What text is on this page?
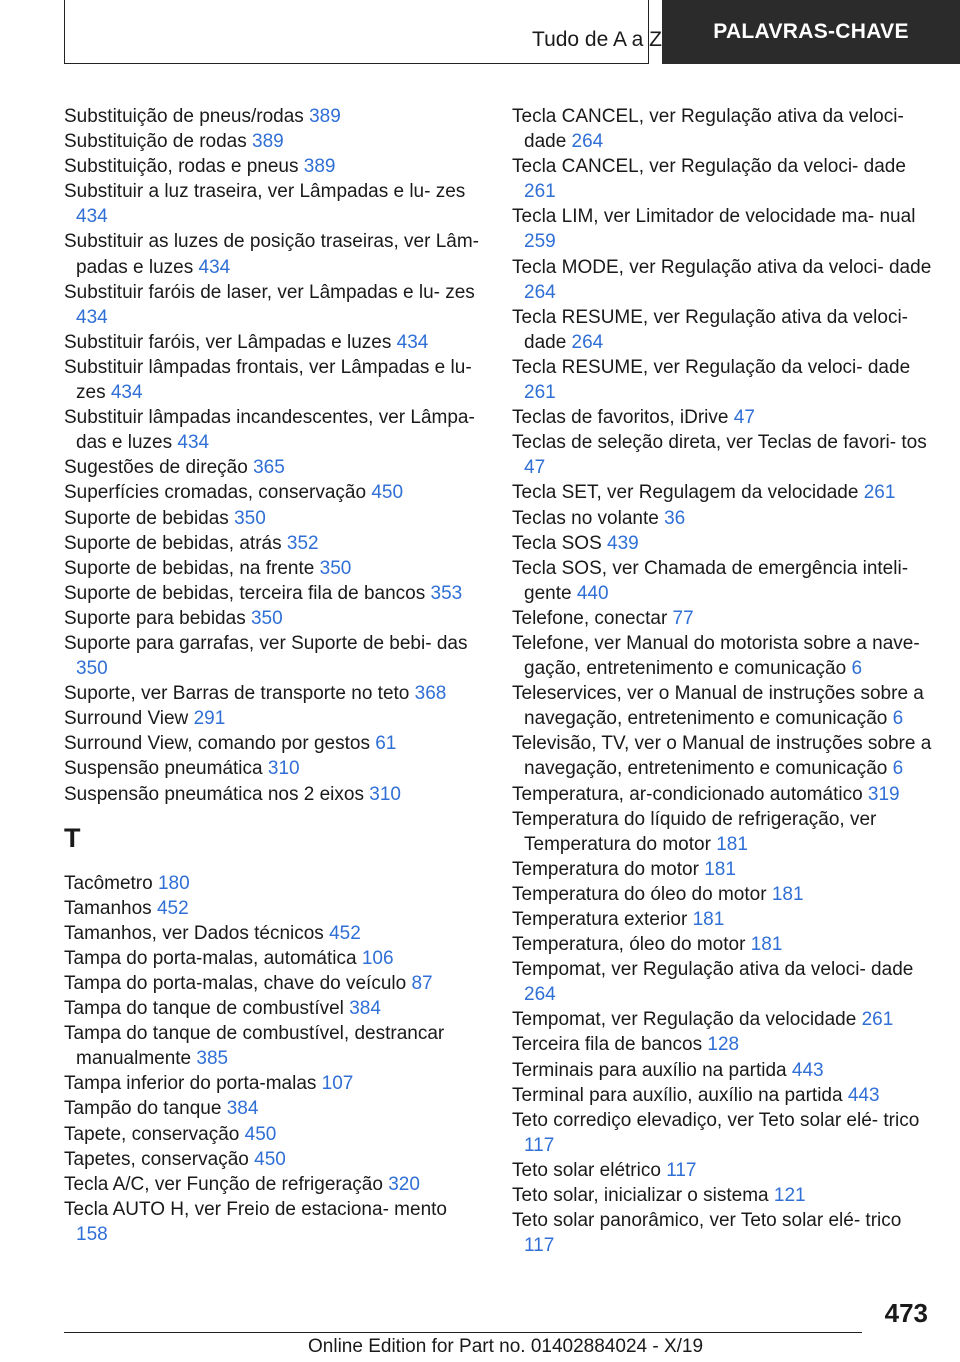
Tudo de A a Z PALAVRAS-CHAVE
Substituição de pneus/rodas 389
Substituição de rodas 389
Substituição, rodas e pneus 389
Substituir a luz traseira, ver Lâmpadas e lu- zes 434
Substituir as luzes de posição traseiras, ver Lâm- padas e luzes 434
Substituir faróis de laser, ver Lâmpadas e lu- zes 434
Substituir faróis, ver Lâmpadas e luzes 434
Substituir lâmpadas frontais, ver Lâmpadas e lu- zes 434
Substituir lâmpadas incandescentes, ver Lâmpa- das e luzes 434
Sugestões de direção 365
Superfícies cromadas, conservação 450
Suporte de bebidas 350
Suporte de bebidas, atrás 352
Suporte de bebidas, na frente 350
Suporte de bebidas, terceira fila de bancos 353
Suporte para bebidas 350
Suporte para garrafas, ver Suporte de bebi- das 350
Suporte, ver Barras de transporte no teto 368
Surround View 291
Surround View, comando por gestos 61
Suspensão pneumática 310
Suspensão pneumática nos 2 eixos 310
T
Tacômetro 180
Tamanhos 452
Tamanhos, ver Dados técnicos 452
Tampa do porta-malas, automática 106
Tampa do porta-malas, chave do veículo 87
Tampa do tanque de combustível 384
Tampa do tanque de combustível, destrancar manualmente 385
Tampa inferior do porta-malas 107
Tampão do tanque 384
Tapete, conservação 450
Tapetes, conservação 450
Tecla A/C, ver Função de refrigeração 320
Tecla AUTO H, ver Freio de estaciona- mento 158
Tecla CANCEL, ver Regulação ativa da veloci- dade 264
Tecla CANCEL, ver Regulação da veloci- dade 261
Tecla LIM, ver Limitador de velocidade ma- nual 259
Tecla MODE, ver Regulação ativa da veloci- dade 264
Tecla RESUME, ver Regulação ativa da veloci- dade 264
Tecla RESUME, ver Regulação da veloci- dade 261
Teclas de favoritos, iDrive 47
Teclas de seleção direta, ver Teclas de favori- tos 47
Tecla SET, ver Regulagem da velocidade 261
Teclas no volante 36
Tecla SOS 439
Tecla SOS, ver Chamada de emergência inteli- gente 440
Telefone, conectar 77
Telefone, ver Manual do motorista sobre a nave- gação, entretenimento e comunicação 6
Teleservices, ver o Manual de instruções sobre a navegação, entretenimento e comunicação 6
Televisão, TV, ver o Manual de instruções sobre a navegação, entretenimento e comunicação 6
Temperatura, ar-condicionado automático 319
Temperatura do líquido de refrigeração, ver Temperatura do motor 181
Temperatura do motor 181
Temperatura do óleo do motor 181
Temperatura exterior 181
Temperatura, óleo do motor 181
Tempomat, ver Regulação ativa da veloci- dade 264
Tempomat, ver Regulação da velocidade 261
Terceira fila de bancos 128
Terminais para auxílio na partida 443
Terminal para auxílio, auxílio na partida 443
Teto corrediço elevadiço, ver Teto solar elé- trico 117
Teto solar elétrico 117
Teto solar, inicializar o sistema 121
Teto solar panorâmico, ver Teto solar elé- trico 117
473
Online Edition for Part no. 01402884024 - X/19
